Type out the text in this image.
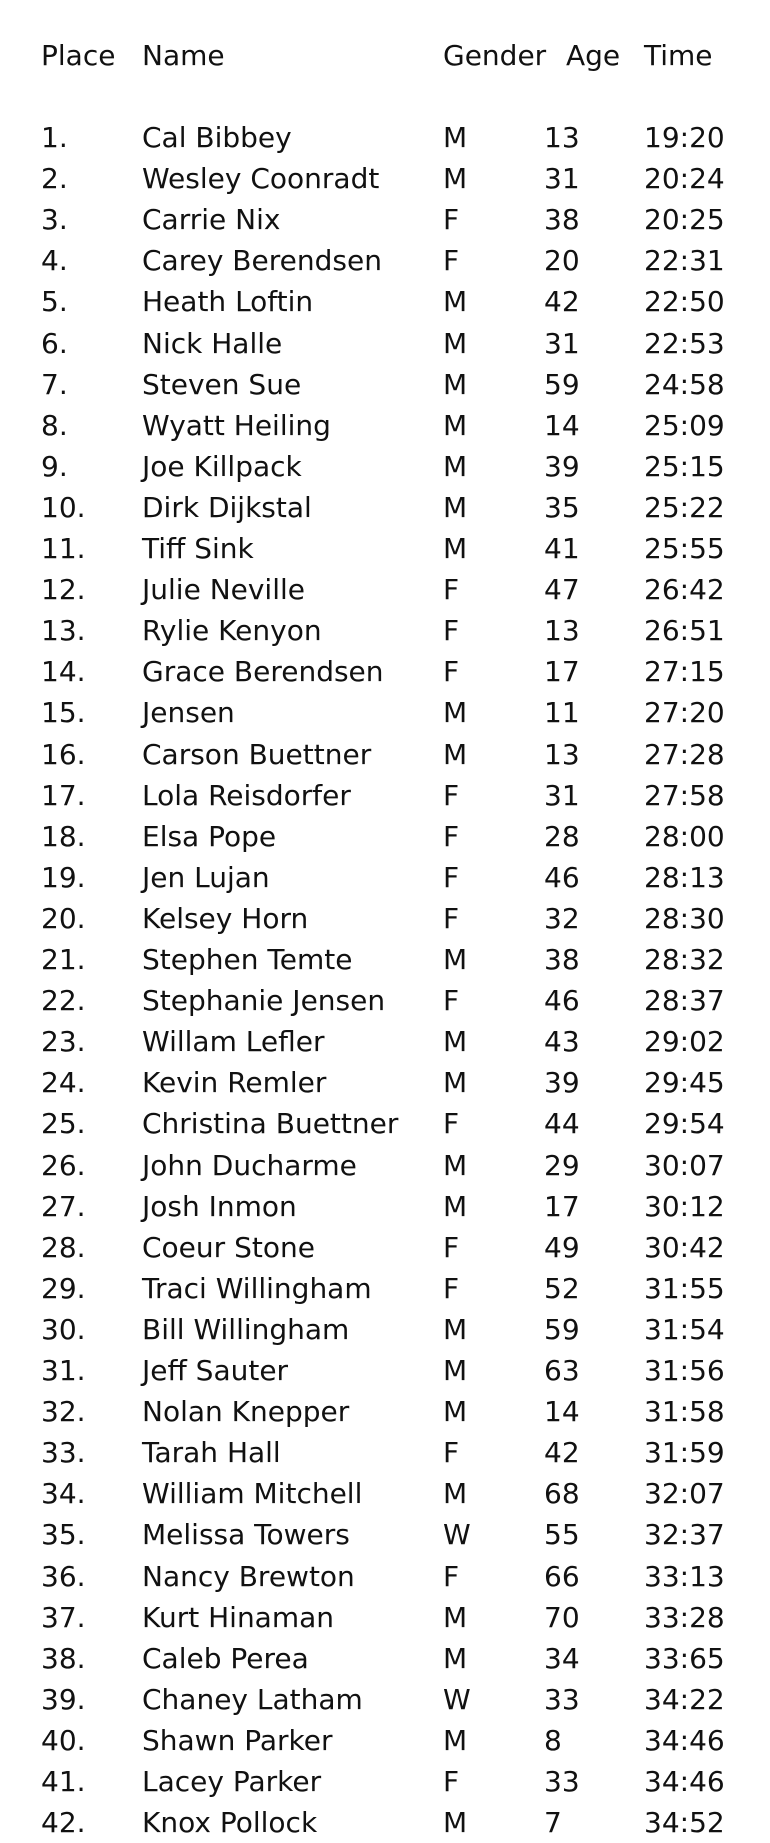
Place Name	Gender Age Time
1.	Cal Bibbey	M	13 19:20
2.	Wesley Coonradt M	31 20:24
3.	Carrie Nix	F	38 20:25
4.	Carey Berendsen F	20 22:31
5.	Heath Loftin	M	42 22:50
6.	Nick Halle	M	31 22:53
7.	Steven Sue	M	59 24:58
8.	Wyatt Heiling	M	14 25:09
9.	Joe Killpack	M	39 25:15
10. Dirk Dijkstal	M	35 25:22
11. Tiff Sink	M	41 25:55
12. Julie Neville	F	47 26:42
13. Rylie Kenyon	F	13 26:51
14. Grace Berendsen F	17 27:15
15. Jensen	M	11 27:20
16. Carson Buettner	M	13 27:28
17. Lola Reisdorfer	F	31 27:58
18. Elsa Pope	F	28 28:00
19. Jen Lujan	F	46 28:13
20. Kelsey Horn	F	32 28:30
21. Stephen Temte	M	38 28:32
22. Stephanie Jensen F	46 28:37
23. Willam Lefler	M	43 29:02
24. Kevin Remler	M	39 29:45
25. Christina Buettner F	44 29:54
26. John Ducharme	M	29 30:07
27. Josh Inmon	M	17 30:12
28. Coeur Stone	F	49 30:42
29. Traci Willingham	F	52 31:55
30. Bill Willingham	M	59 31:54
31. Jeff Sauter	M	63 31:56
32. Nolan Knepper	M	14 31:58
33. Tarah Hall	F	42 31:59
34. William Mitchell	M	68 32:07
35. Melissa Towers	W	55 32:37
36. Nancy Brewton	F	66 33:13
37. Kurt Hinaman	M	70 33:28
38. Caleb Perea	M	34 33:65
39. Chaney Latham	W	33 34:22
40. Shawn Parker	M	8	34:46
41. Lacey Parker	F	33 34:46
42. Knox Pollock	M	7	34:52
